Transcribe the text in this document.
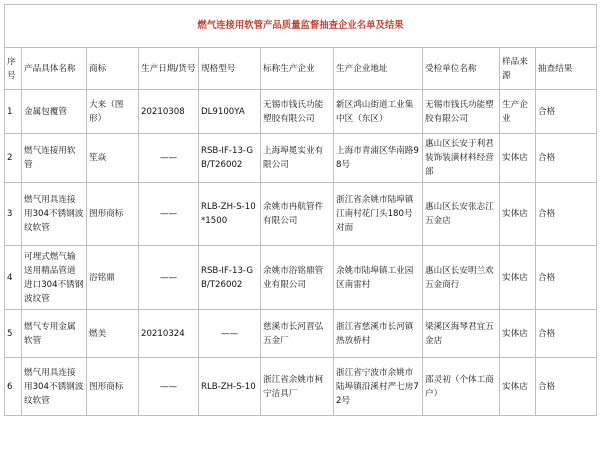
燃气连接用软管产品质量监督抽查企业名单及结果									
序号	产品具体名称	商标	生产日期/货号	规格型号	标称生产企业	生产企业地址	受检单位名称	样品来源	抽查结果
1	金属包覆管	大来（图形）	20210308	DL9100YA	无锡市钱氏功能塑胶有限公司	新区鸿山街道工业集中区（东区）	无锡市钱氏功能塑胶有限公司	生产企业	合格
2	燃气连接用软管	笙焱	——	RSB-ⅠF-13-GB/T26002	上海埠冕实业有限公司	上海市青浦区华南路98号	惠山区长安于利君装饰装潢材料经营部	实体店	合格
3	燃气用具连接用304不锈钢波纹软管	图形商标	——	RLB-ZH-S-10*1500	余姚市冉航管件有限公司	浙江省余姚市陆埠镇江南村花门头180号对面	惠山区长安张志江五金店	实体店	合格
4	可埋式燃气输送用精品管道进口304不锈钢波纹管	浴铭鼎	——	RSB-ⅠF-13-GB/T26002	余姚市浴铭鼎管业有限公司	余姚市陆埠镇工业园区南雷村	惠山区长安明兰欢五金商行	实体店	合格
5	燃气专用金属软管	燃美	20210324	——	慈溪市长河晋弘五金厂	浙江省慈溪市长河镇热放桥村	梁溪区海琴君宜五金店	实体店	合格
6	燃气用具连接用304不锈钢波纹软管	图形商标	——	RLB-ZH-S-10	浙江省余姚市柯宁洁具厂	浙江省宁波市余姚市陆埠镇沿溪村严七房72号	邵灵初（个体工商户）	实体店	合格
